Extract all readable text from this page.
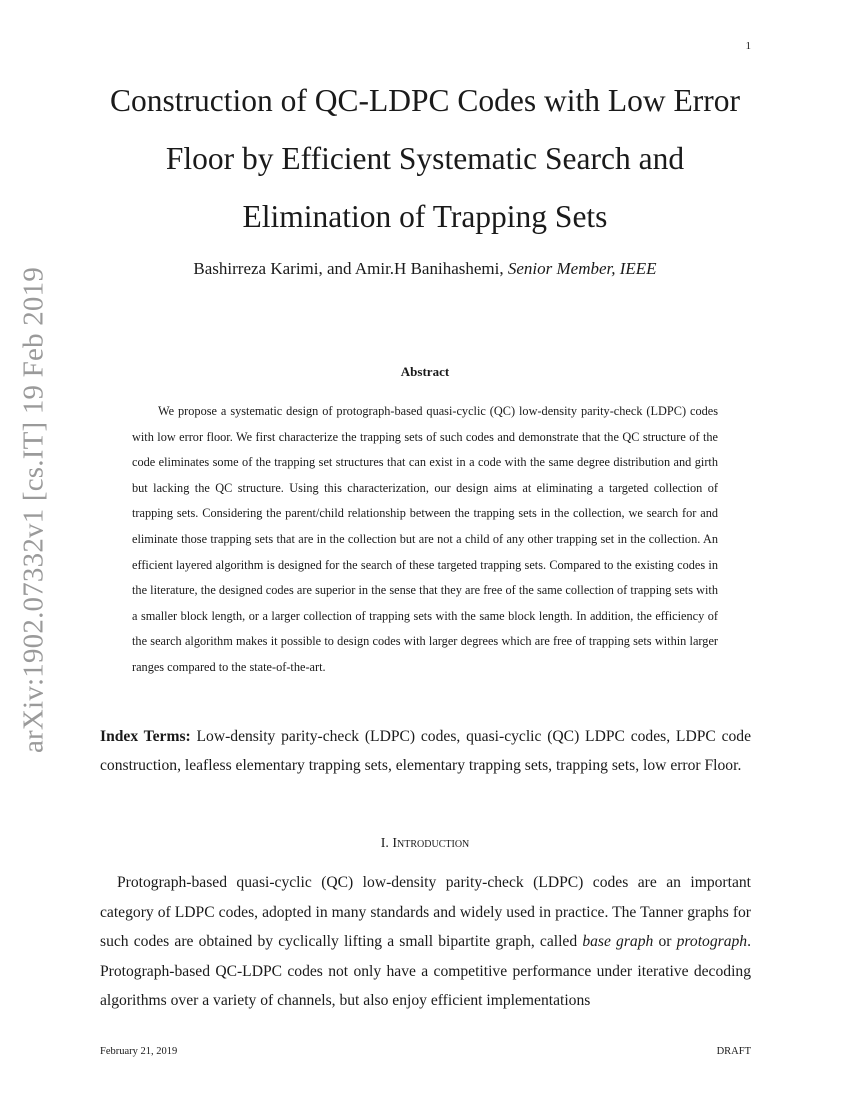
1
arXiv:1902.07332v1 [cs.IT] 19 Feb 2019
Construction of QC-LDPC Codes with Low Error Floor by Efficient Systematic Search and Elimination of Trapping Sets
Bashirreza Karimi, and Amir.H Banihashemi, Senior Member, IEEE
Abstract

We propose a systematic design of protograph-based quasi-cyclic (QC) low-density parity-check (LDPC) codes with low error floor. We first characterize the trapping sets of such codes and demonstrate that the QC structure of the code eliminates some of the trapping set structures that can exist in a code with the same degree distribution and girth but lacking the QC structure. Using this characterization, our design aims at eliminating a targeted collection of trapping sets. Considering the parent/child relationship between the trapping sets in the collection, we search for and eliminate those trapping sets that are in the collection but are not a child of any other trapping set in the collection. An efficient layered algorithm is designed for the search of these targeted trapping sets. Compared to the existing codes in the literature, the designed codes are superior in the sense that they are free of the same collection of trapping sets with a smaller block length, or a larger collection of trapping sets with the same block length. In addition, the efficiency of the search algorithm makes it possible to design codes with larger degrees which are free of trapping sets within larger ranges compared to the state-of-the-art.

Index Terms: Low-density parity-check (LDPC) codes, quasi-cyclic (QC) LDPC codes, LDPC code construction, leafless elementary trapping sets, elementary trapping sets, trapping sets, low error Floor.

I. Introduction

Protograph-based quasi-cyclic (QC) low-density parity-check (LDPC) codes are an important category of LDPC codes, adopted in many standards and widely used in practice. The Tanner graphs for such codes are obtained by cyclically lifting a small bipartite graph, called base graph or protograph. Protograph-based QC-LDPC codes not only have a competitive performance under iterative decoding algorithms over a variety of channels, but also enjoy efficient implementations

February 21, 2019	DRAFT
